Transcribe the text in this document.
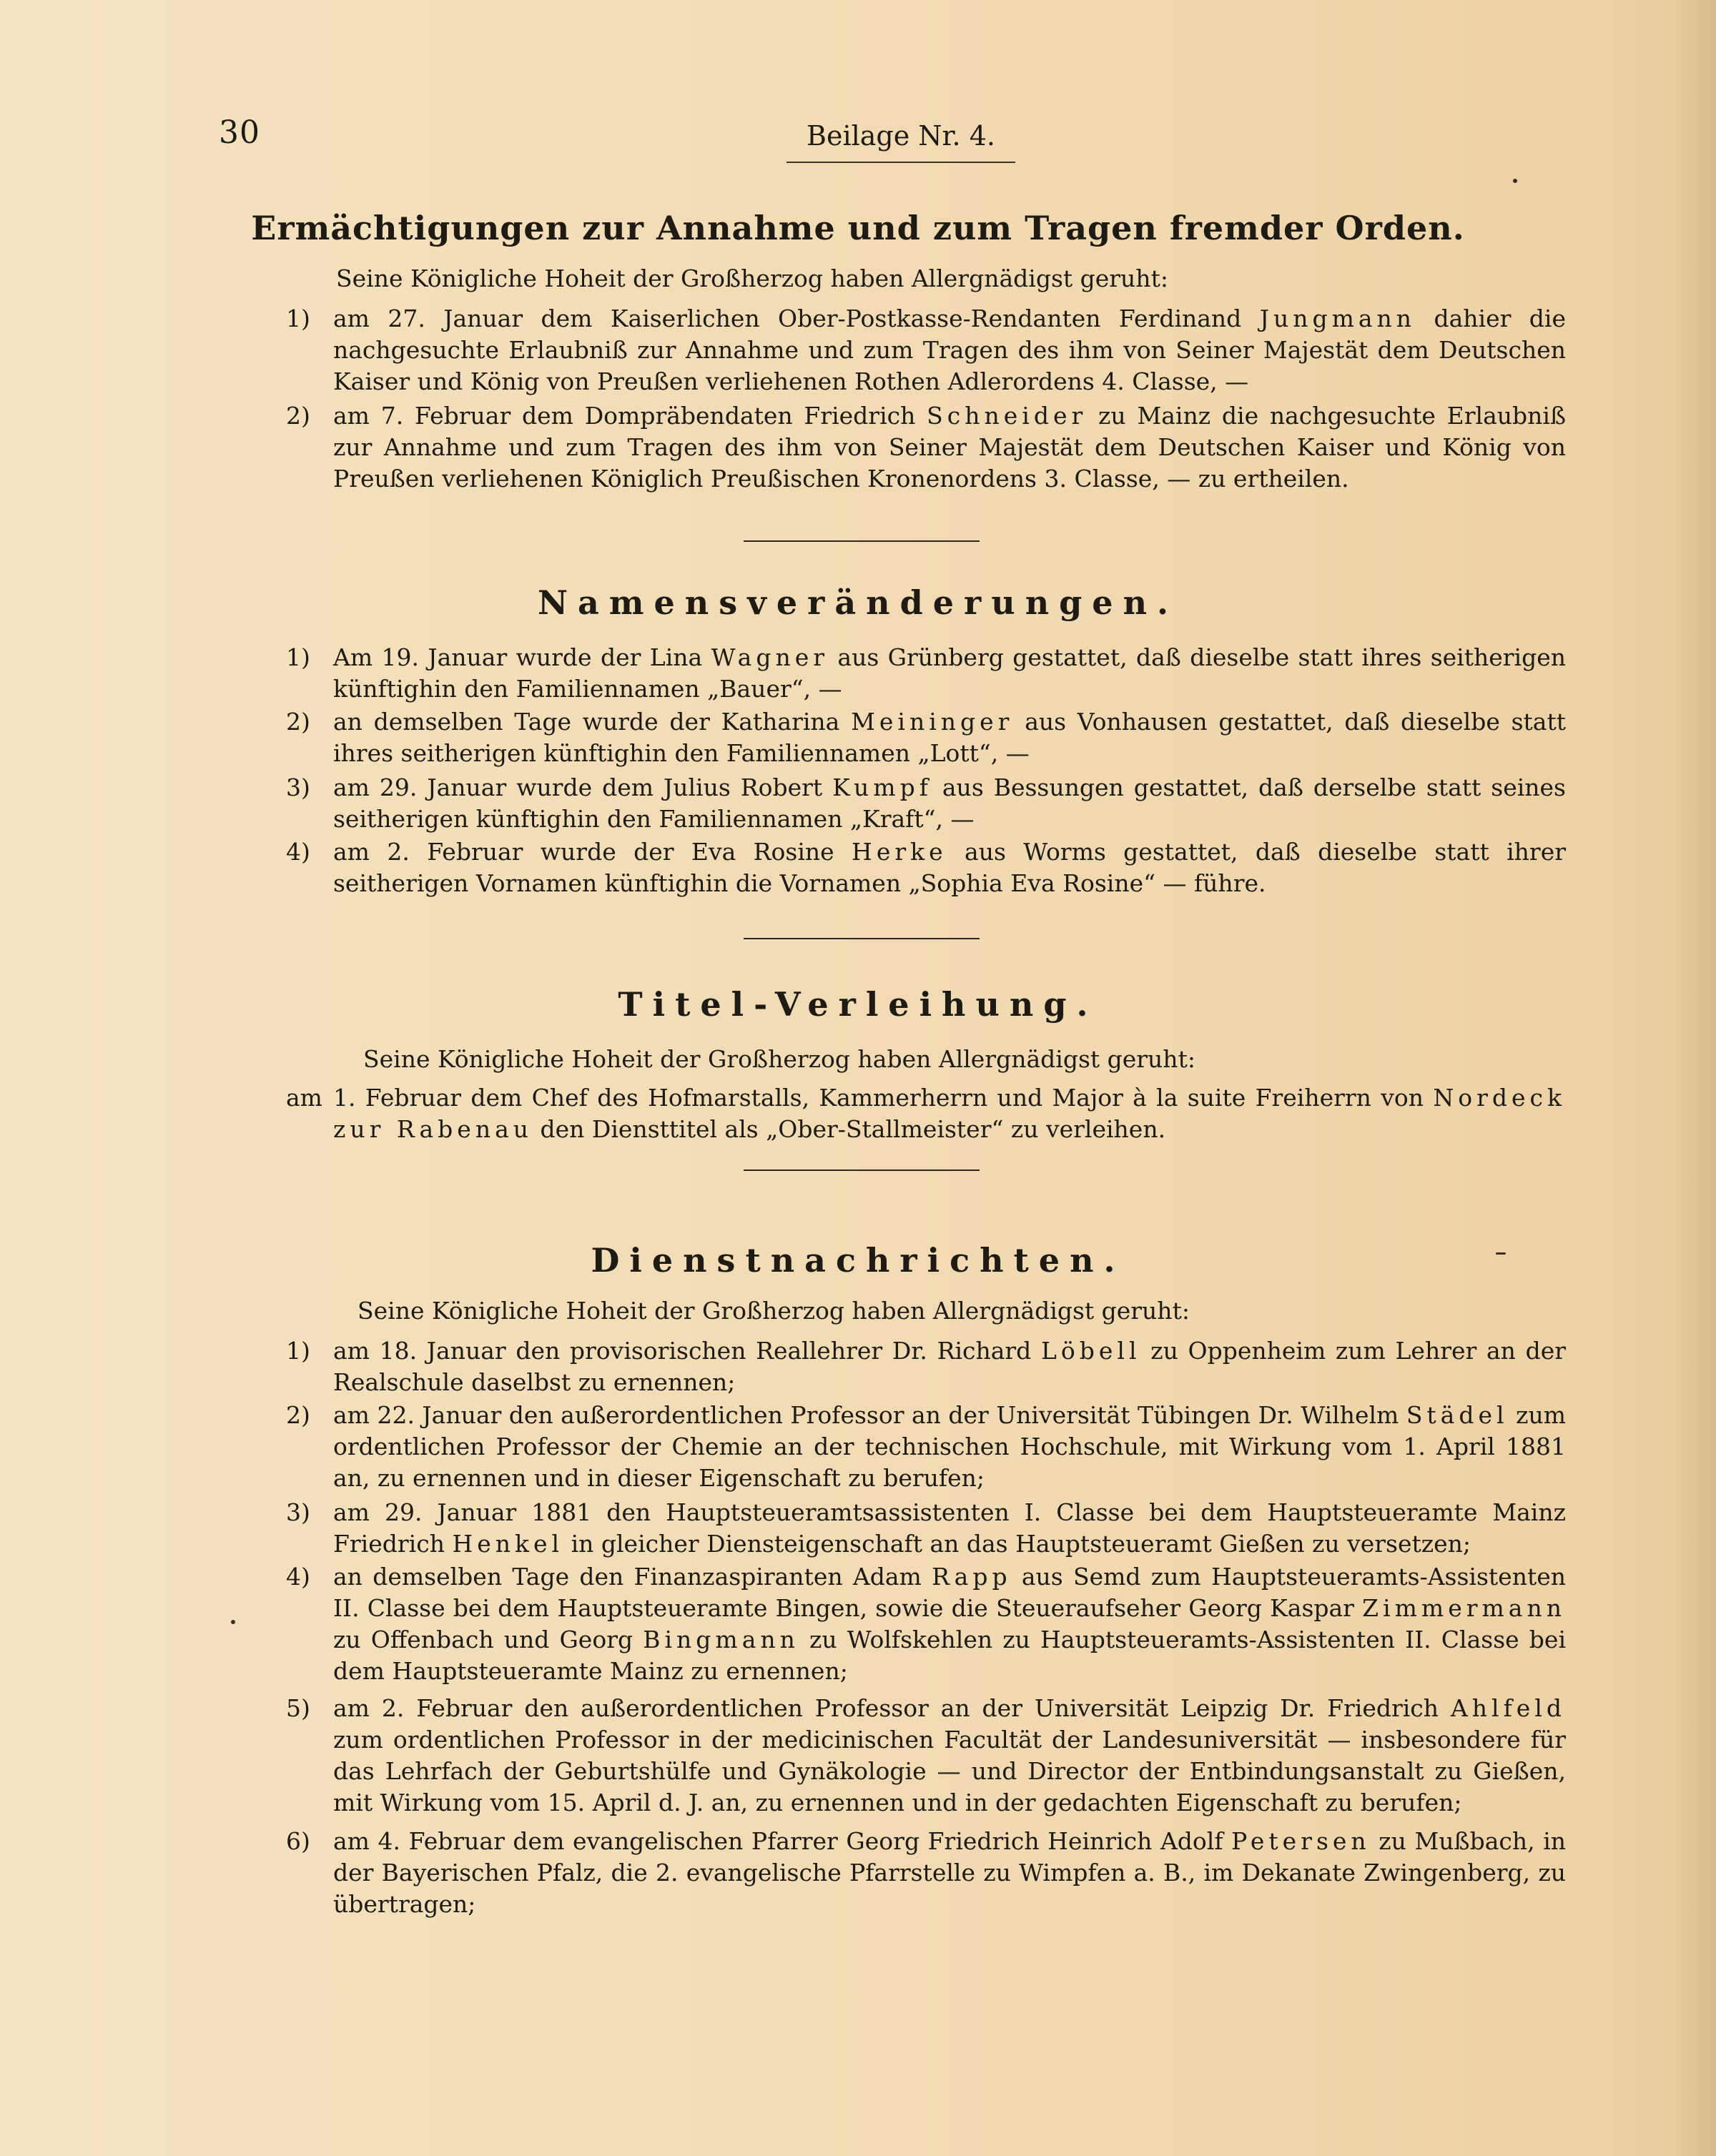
30	Beilage Nr. 4.
Ermächtigungen zur Annahme und zum Tragen fremder Orden.
Seine Königliche Hoheit der Großherzog haben Allergnädigst geruht:
1) am 27. Januar dem Kaiserlichen Ober-Postkasse-Rendanten Ferdinand Jungmann dahier die nachgesuchte Erlaubniß zur Annahme und zum Tragen des ihm von Seiner Majestät dem Deutschen Kaiser und König von Preußen verliehenen Rothen Adlerordens 4. Classe, —
2) am 7. Februar dem Dompräbendaten Friedrich Schneider zu Mainz die nachgesuchte Erlaubniß zur Annahme und zum Tragen des ihm von Seiner Majestät dem Deutschen Kaiser und König von Preußen verliehenen Königlich Preußischen Kronenordens 3. Classe, — zu ertheilen.
Namensveränderungen.
1) Am 19. Januar wurde der Lina Wagner aus Grünberg gestattet, daß dieselbe statt ihres seitherigen künftighin den Familiennamen „Bauer“, —
2) an demselben Tage wurde der Katharina Meininger aus Vonhausen gestattet, daß dieselbe statt ihres seitherigen künftighin den Familiennamen „Lott“, —
3) am 29. Januar wurde dem Julius Robert Kumpf aus Bessungen gestattet, daß derselbe statt seines seitherigen künftighin den Familiennamen „Kraft“, —
4) am 2. Februar wurde der Eva Rosine Herke aus Worms gestattet, daß dieselbe statt ihrer seitherigen Vornamen künftighin die Vornamen „Sophia Eva Rosine“ — führe.
Titel-Verleihung.
Seine Königliche Hoheit der Großherzog haben Allergnädigst geruht:
am 1. Februar dem Chef des Hofmarstalls, Kammerherrn und Major à la suite Freiherrn von Nordeck zur Rabenau den Diensttitel als „Ober-Stallmeister“ zu verleihen.
Dienstnachrichten.
Seine Königliche Hoheit der Großherzog haben Allergnädigst geruht:
1) am 18. Januar den provisorischen Reallehrer Dr. Richard Löbell zu Oppenheim zum Lehrer an der Realschule daselbst zu ernennen;
2) am 22. Januar den außerordentlichen Professor an der Universität Tübingen Dr. Wilhelm Städel zum ordentlichen Professor der Chemie an der technischen Hochschule, mit Wirkung vom 1. April 1881 an, zu ernennen und in dieser Eigenschaft zu berufen;
3) am 29. Januar 1881 den Hauptsteueramtsassistenten I. Classe bei dem Hauptsteueramte Mainz Friedrich Henkel in gleicher Diensteigenschaft an das Hauptsteueramt Gießen zu versetzen;
4) an demselben Tage den Finanzaspiranten Adam Rapp aus Semd zum Hauptsteueramts-Assistenten II. Classe bei dem Hauptsteueramte Bingen, sowie die Steueraufseher Georg Kaspar Zimmermann zu Offenbach und Georg Bingmann zu Wolfskehlen zu Hauptsteueramts-Assistenten II. Classe bei dem Hauptsteueramte Mainz zu ernennen;
5) am 2. Februar den außerordentlichen Professor an der Universität Leipzig Dr. Friedrich Ahlfeld zum ordentlichen Professor in der medicinischen Facultät der Landesuniversität — insbesondere für das Lehrfach der Geburtshülfe und Gynäkologie — und Director der Entbindungsanstalt zu Gießen, mit Wirkung vom 15. April d. J. an, zu ernennen und in der gedachten Eigenschaft zu berufen;
6) am 4. Februar dem evangelischen Pfarrer Georg Friedrich Heinrich Adolf Petersen zu Mußbach, in der Bayerischen Pfalz, die 2. evangelische Pfarrstelle zu Wimpfen a. B., im Dekanate Zwingenberg, zu übertragen;
